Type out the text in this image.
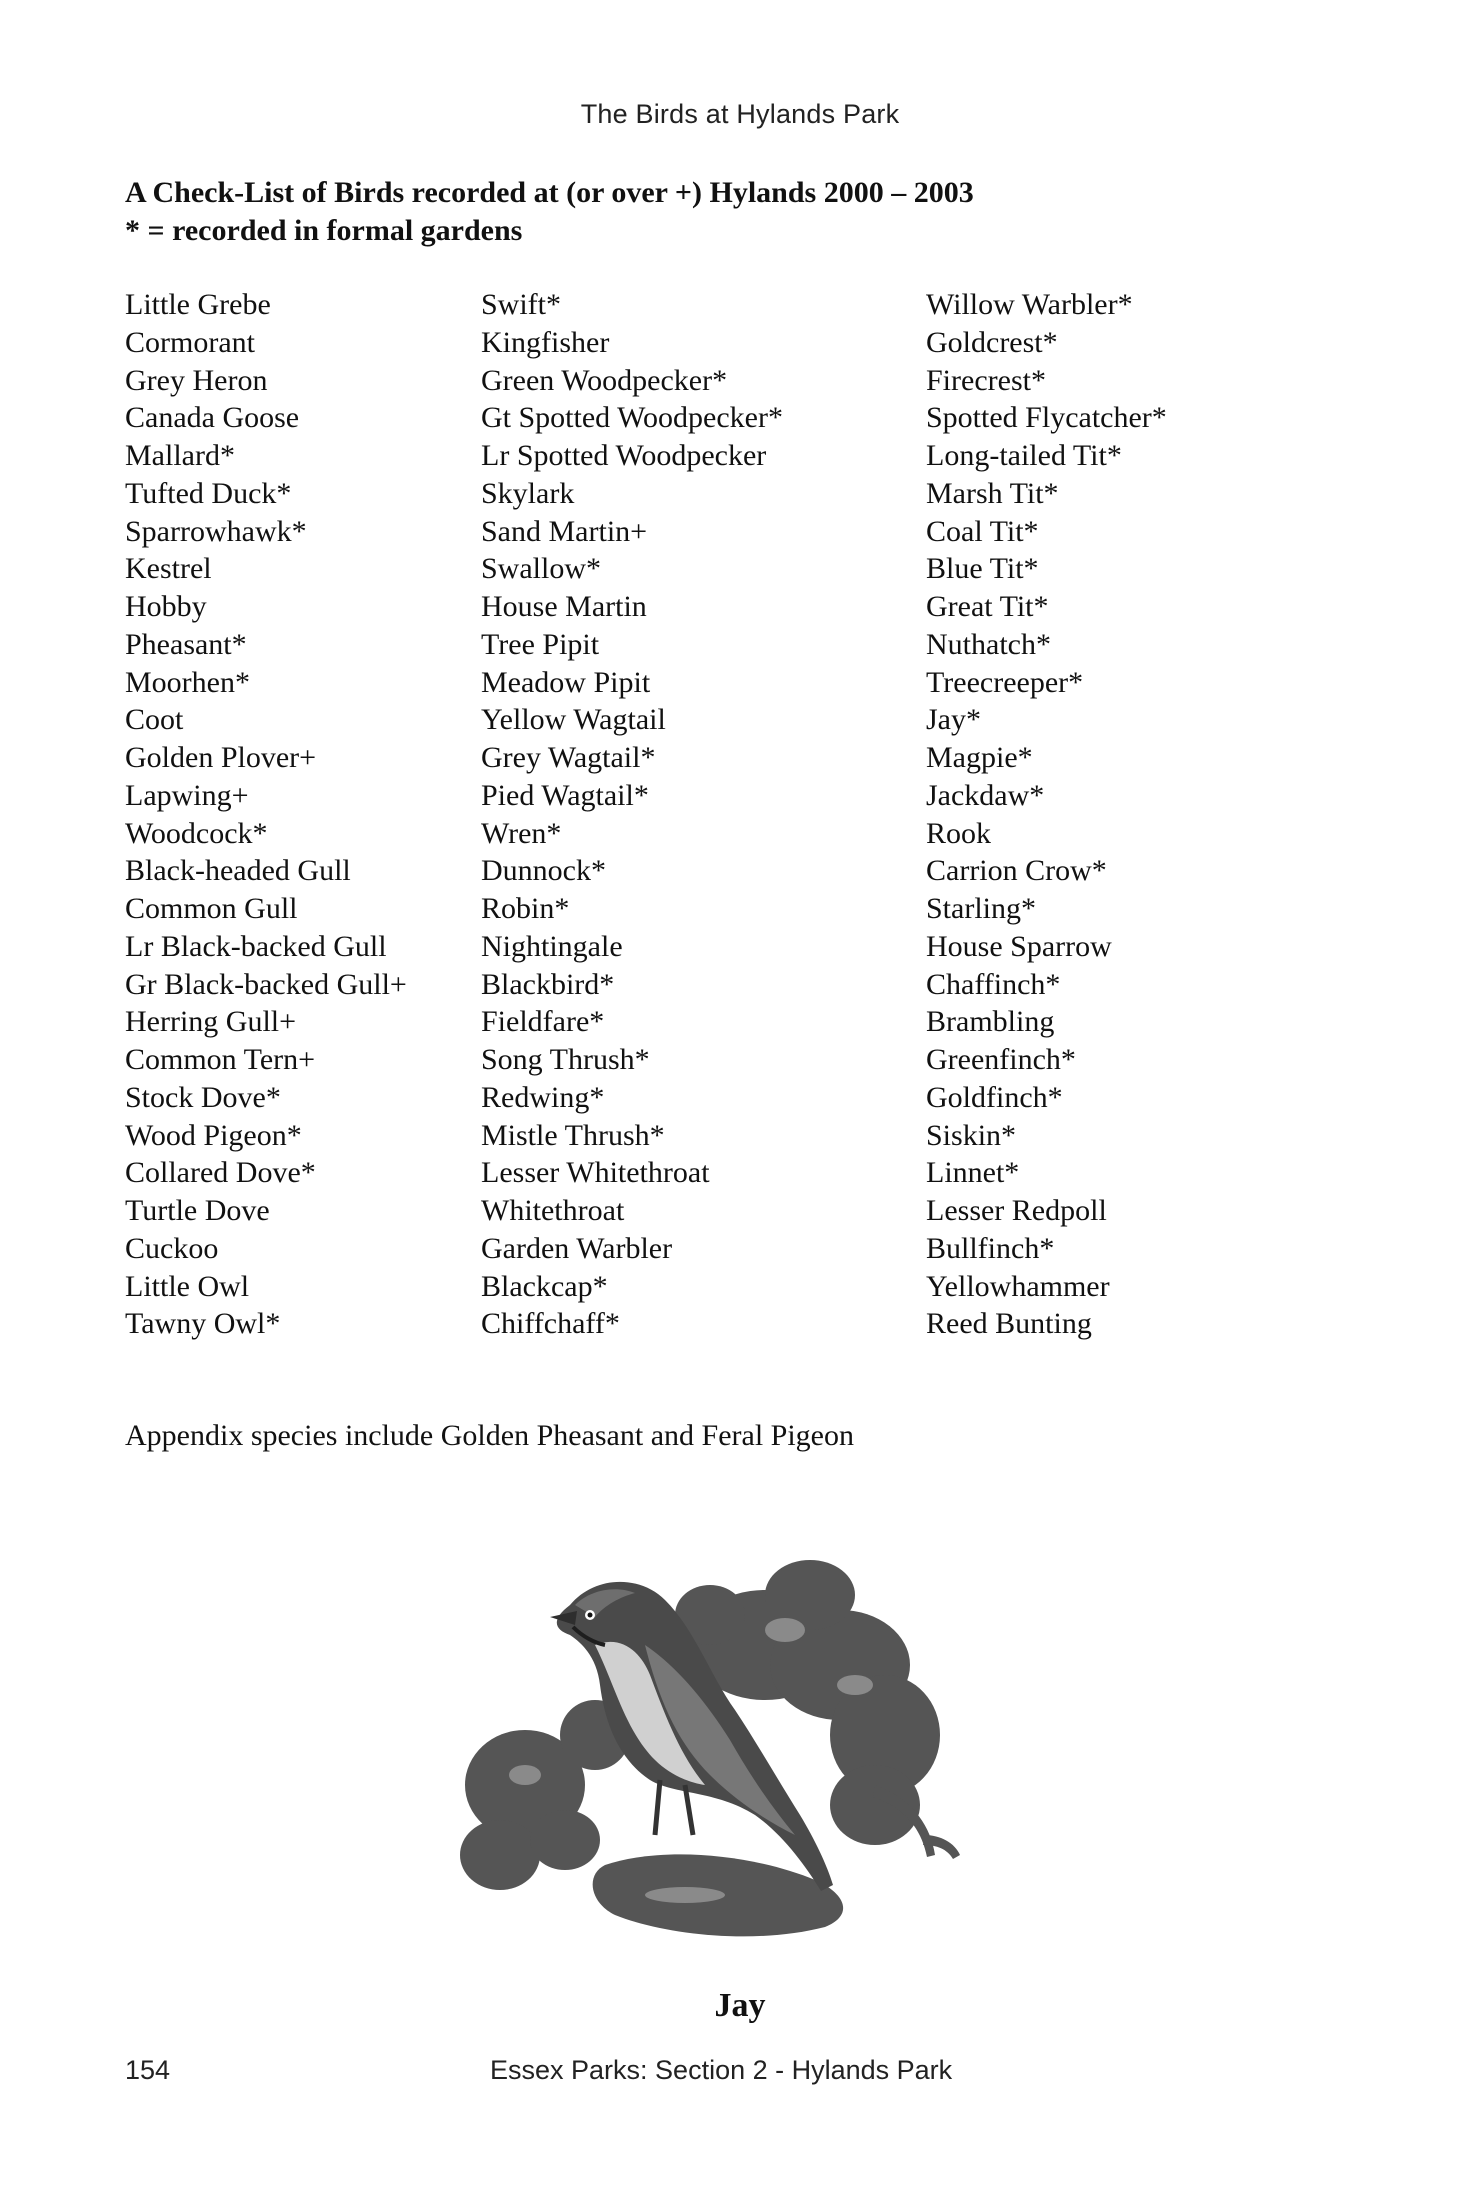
The Birds at Hylands Park
A Check-List of Birds recorded at (or over +) Hylands 2000 – 2003
* = recorded in formal gardens
Little Grebe
Cormorant
Grey Heron
Canada Goose
Mallard*
Tufted Duck*
Sparrowhawk*
Kestrel
Hobby
Pheasant*
Moorhen*
Coot
Golden Plover+
Lapwing+
Woodcock*
Black-headed Gull
Common Gull
Lr Black-backed Gull
Gr Black-backed Gull+
Herring Gull+
Common Tern+
Stock Dove*
Wood Pigeon*
Collared Dove*
Turtle Dove
Cuckoo
Little Owl
Tawny Owl*
Swift*
Kingfisher
Green Woodpecker*
Gt Spotted Woodpecker*
Lr Spotted Woodpecker
Skylark
Sand Martin+
Swallow*
House Martin
Tree Pipit
Meadow Pipit
Yellow Wagtail
Grey Wagtail*
Pied Wagtail*
Wren*
Dunnock*
Robin*
Nightingale
Blackbird*
Fieldfare*
Song Thrush*
Redwing*
Mistle Thrush*
Lesser Whitethroat
Whitethroat
Garden Warbler
Blackcap*
Chiffchaff*
Willow Warbler*
Goldcrest*
Firecrest*
Spotted Flycatcher*
Long-tailed Tit*
Marsh Tit*
Coal Tit*
Blue Tit*
Great Tit*
Nuthatch*
Treecreeper*
Jay*
Magpie*
Jackdaw*
Rook
Carrion Crow*
Starling*
House Sparrow
Chaffinch*
Brambling
Greenfinch*
Goldfinch*
Siskin*
Linnet*
Lesser Redpoll
Bullfinch*
Yellowhammer
Reed Bunting
Appendix species include Golden Pheasant and Feral Pigeon
Jay
154	Essex Parks: Section 2 - Hylands Park
